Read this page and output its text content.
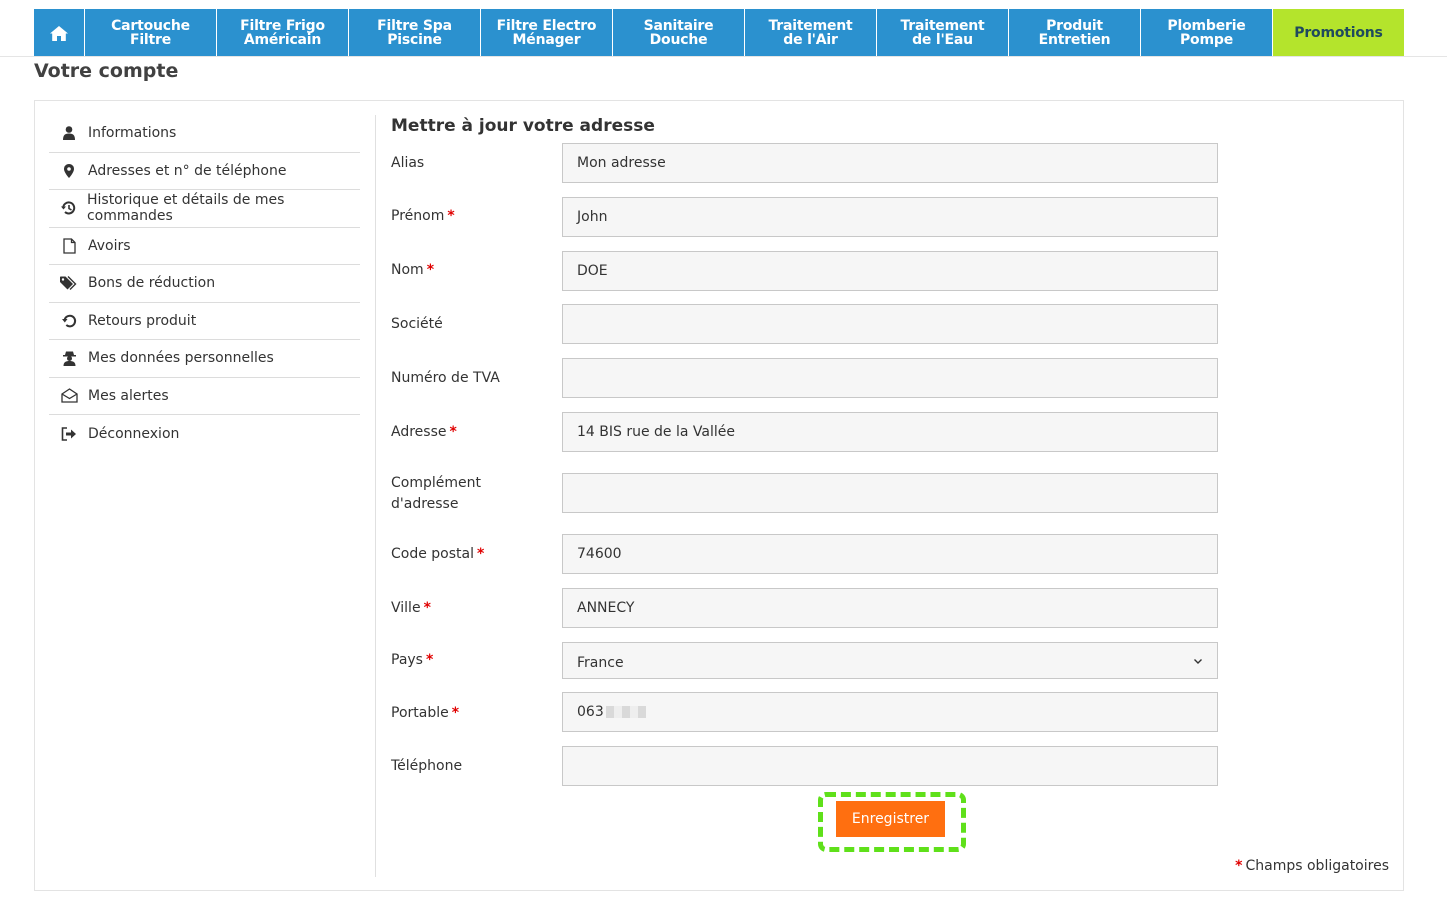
Cartouche
Filtre
Filtre Frigo
Américain
Filtre Spa
Piscine
Filtre Electro
Ménager
Sanitaire
Douche
Traitement
de l'Air
Traitement
de l'Eau
Produit
Entretien
Plomberie
Pompe	Promotions
Votre compte
Informations
Adresses et n° de téléphone
Historique et détails de mes commandes
Avoirs
Bons de réduction
Retours produit
Mes données personnelles
Mes alertes
Déconnexion
Mettre à jour votre adresse
Alias	Mon adresse
Prénom *	John
Nom *	DOE
Société
Numéro de TVA
Adresse *	14 BIS rue de la Vallée
Complément d'adresse
Code postal *	74600
Ville *	ANNECY
Pays *	France
Portable *	063
Téléphone
Enregistrer
* Champs obligatoires
